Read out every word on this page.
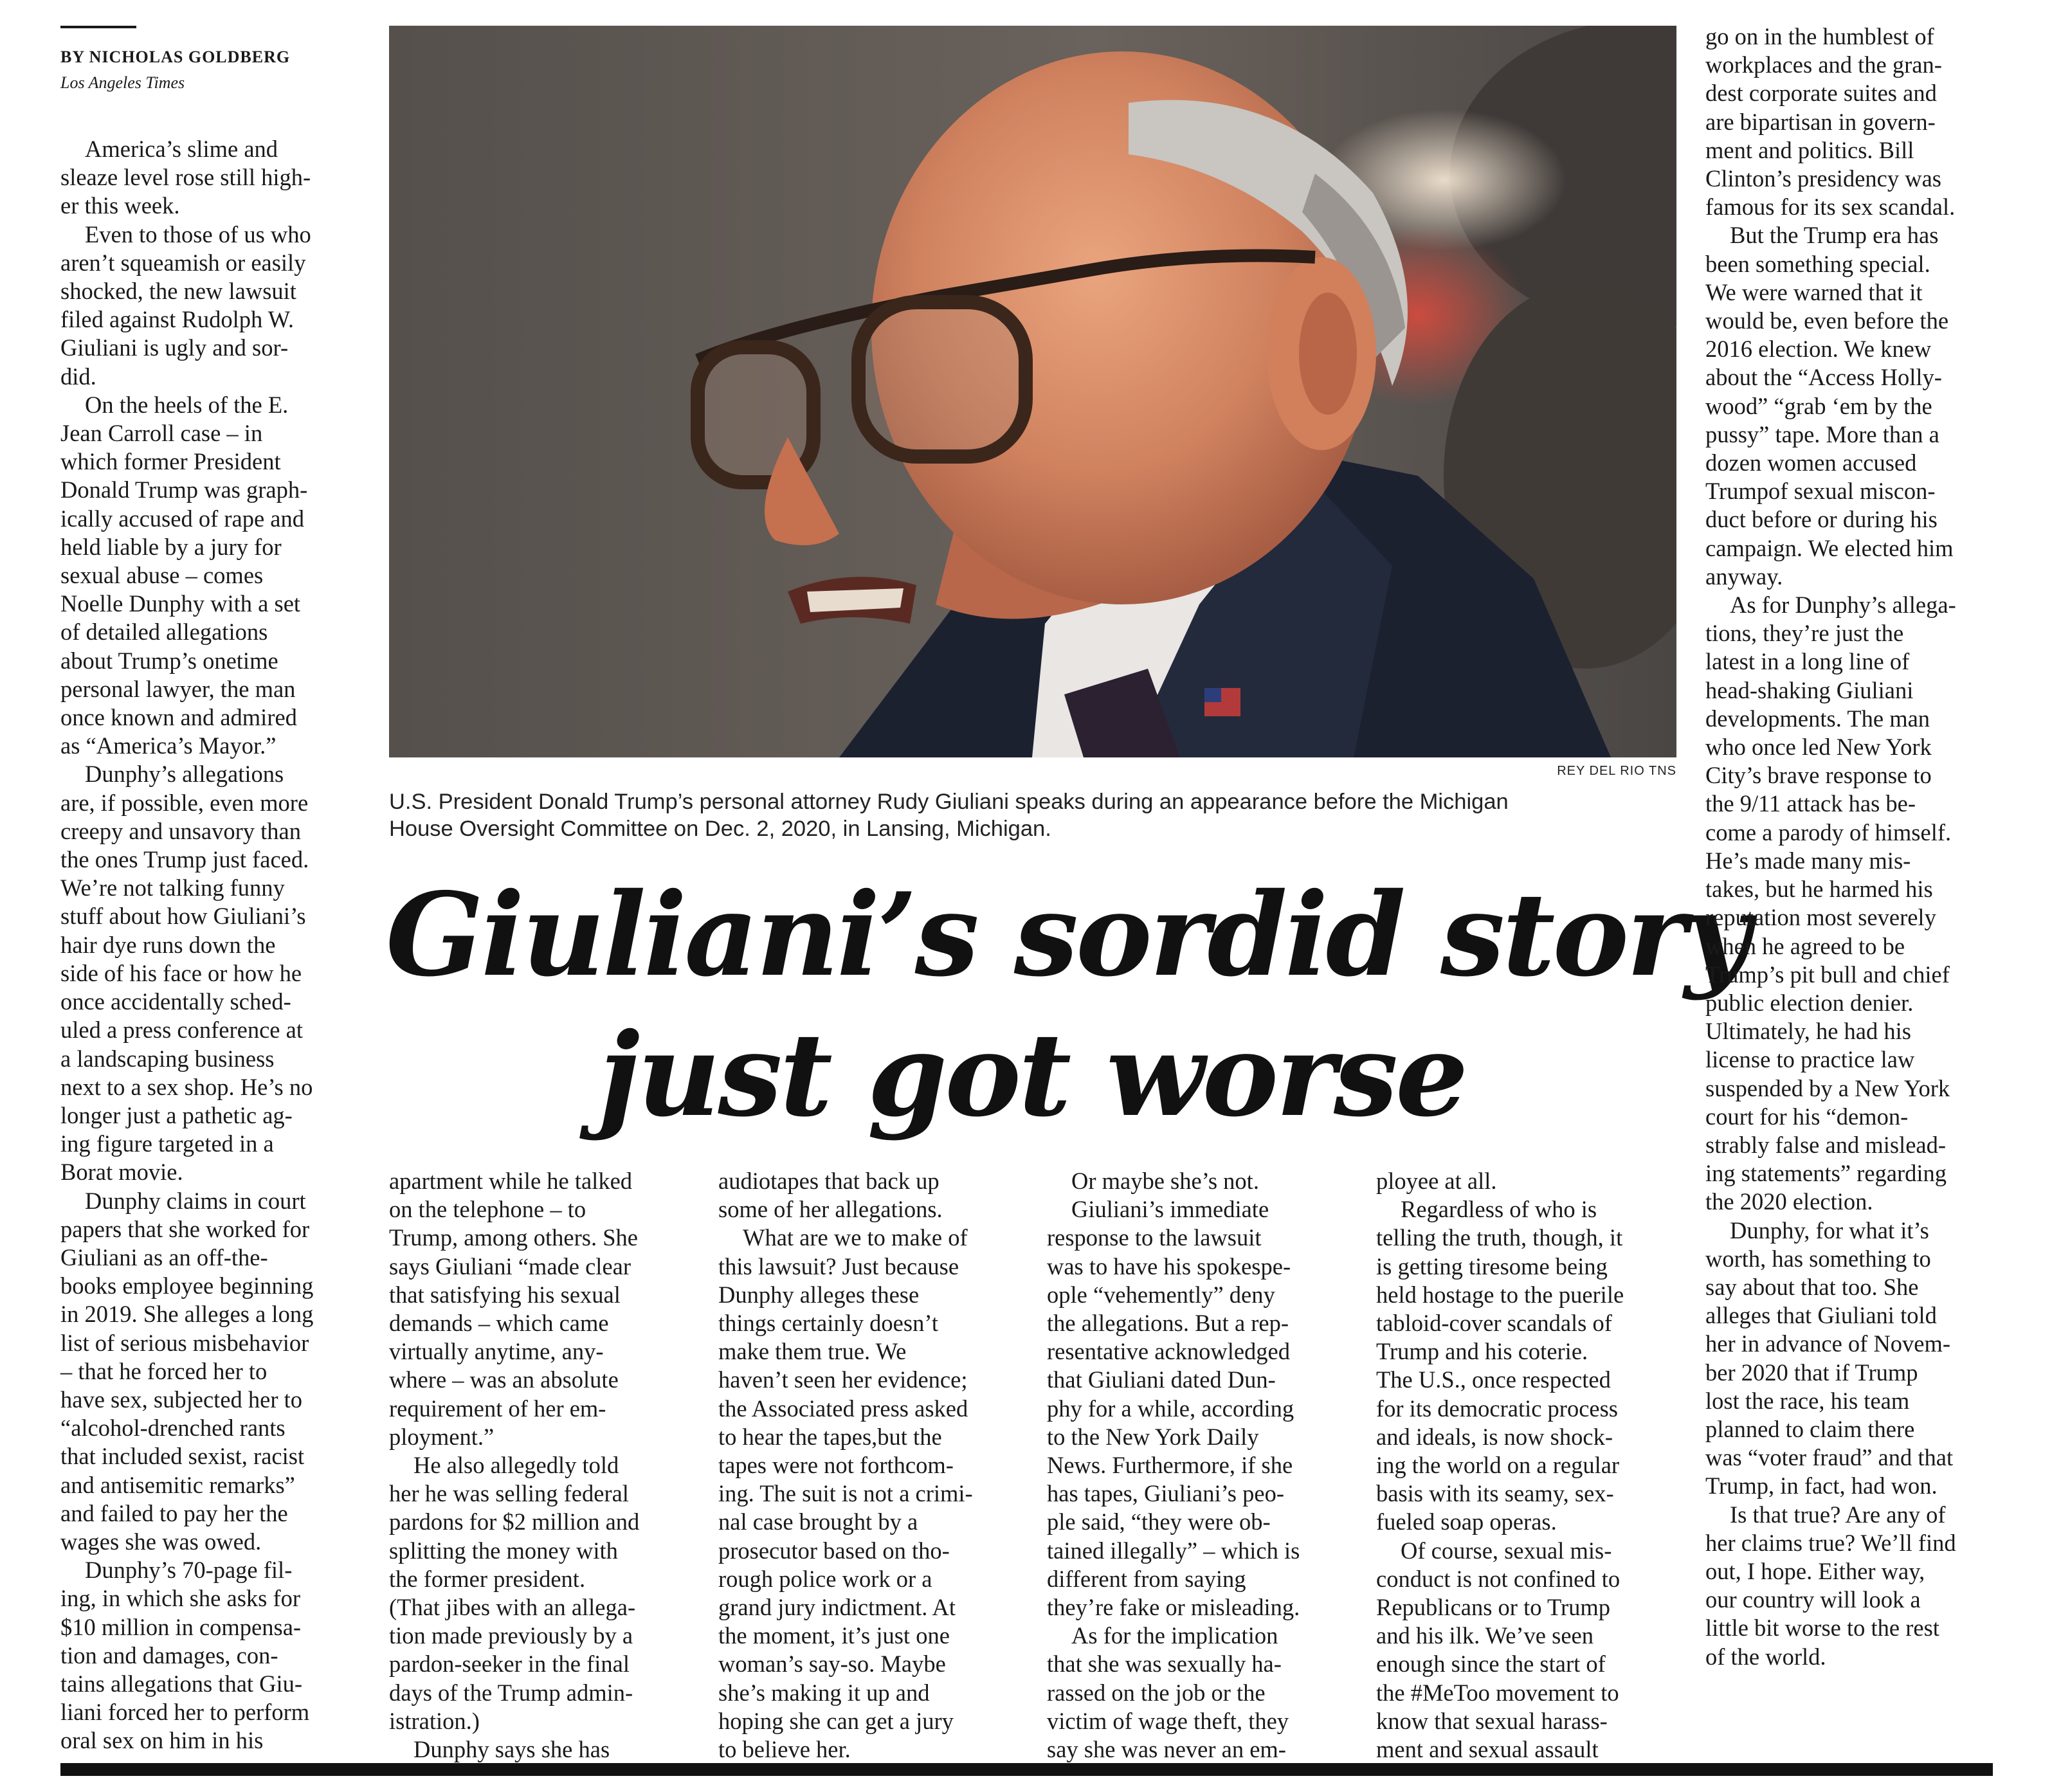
BY NICHOLAS GOLDBERG
Los Angeles Times
REY DEL RIO TNS
U.S. President Donald Trump’s personal attorney Rudy Giuliani speaks during an appearance before the Michigan
House Oversight Committee on Dec. 2, 2020, in Lansing, Michigan.
Giuliani’s sordid story
just got worse
America’s slime and
sleaze level rose still high-
er this week.
Even to those of us who
aren’t squeamish or easily
shocked, the new lawsuit
filed against Rudolph W.
Giuliani is ugly and sor-
did.
On the heels of the E.
Jean Carroll case – in
which former President
Donald Trump was graph-
ically accused of rape and
held liable by a jury for
sexual abuse – comes
Noelle Dunphy with a set
of detailed allegations
about Trump’s onetime
personal lawyer, the man
once known and admired
as “America’s Mayor.”
Dunphy’s allegations
are, if possible, even more
creepy and unsavory than
the ones Trump just faced.
We’re not talking funny
stuff about how Giuliani’s
hair dye runs down the
side of his face or how he
once accidentally sched-
uled a press conference at
a landscaping business
next to a sex shop. He’s no
longer just a pathetic ag-
ing figure targeted in a
Borat movie.
Dunphy claims in court
papers that she worked for
Giuliani as an off-the-
books employee beginning
in 2019. She alleges a long
list of serious misbehavior
– that he forced her to
have sex, subjected her to
“alcohol-drenched rants
that included sexist, racist
and antisemitic remarks”
and failed to pay her the
wages she was owed.
Dunphy’s 70-page fil-
ing, in which she asks for
$10 million in compensa-
tion and damages, con-
tains allegations that Giu-
liani forced her to perform
oral sex on him in his
apartment while he talked
on the telephone – to
Trump, among others. She
says Giuliani “made clear
that satisfying his sexual
demands – which came
virtually anytime, any-
where – was an absolute
requirement of her em-
ployment.”
He also allegedly told
her he was selling federal
pardons for $2 million and
splitting the money with
the former president.
(That jibes with an allega-
tion made previously by a
pardon-seeker in the final
days of the Trump admin-
istration.)
Dunphy says she has
audiotapes that back up
some of her allegations.
What are we to make of
this lawsuit? Just because
Dunphy alleges these
things certainly doesn’t
make them true. We
haven’t seen her evidence;
the Associated press asked
to hear the tapes,but the
tapes were not forthcom-
ing. The suit is not a crimi-
nal case brought by a
prosecutor based on tho-
rough police work or a
grand jury indictment. At
the moment, it’s just one
woman’s say-so. Maybe
she’s making it up and
hoping she can get a jury
to believe her.
Or maybe she’s not.
Giuliani’s immediate
response to the lawsuit
was to have his spokespe-
ople “vehemently” deny
the allegations. But a rep-
resentative acknowledged
that Giuliani dated Dun-
phy for a while, according
to the New York Daily
News. Furthermore, if she
has tapes, Giuliani’s peo-
ple said, “they were ob-
tained illegally” – which is
different from saying
they’re fake or misleading.
As for the implication
that she was sexually ha-
rassed on the job or the
victim of wage theft, they
say she was never an em-
ployee at all.
Regardless of who is
telling the truth, though, it
is getting tiresome being
held hostage to the puerile
tabloid-cover scandals of
Trump and his coterie.
The U.S., once respected
for its democratic process
and ideals, is now shock-
ing the world on a regular
basis with its seamy, sex-
fueled soap operas.
Of course, sexual mis-
conduct is not confined to
Republicans or to Trump
and his ilk. We’ve seen
enough since the start of
the #MeToo movement to
know that sexual harass-
ment and sexual assault
go on in the humblest of
workplaces and the gran-
dest corporate suites and
are bipartisan in govern-
ment and politics. Bill
Clinton’s presidency was
famous for its sex scandal.
But the Trump era has
been something special.
We were warned that it
would be, even before the
2016 election. We knew
about the “Access Holly-
wood” “grab ‘em by the
pussy” tape. More than a
dozen women accused
Trumpof sexual miscon-
duct before or during his
campaign. We elected him
anyway.
As for Dunphy’s allega-
tions, they’re just the
latest in a long line of
head-shaking Giuliani
developments. The man
who once led New York
City’s brave response to
the 9/11 attack has be-
come a parody of himself.
He’s made many mis-
takes, but he harmed his
reputation most severely
when he agreed to be
Trump’s pit bull and chief
public election denier.
Ultimately, he had his
license to practice law
suspended by a New York
court for his “demon-
strably false and mislead-
ing statements” regarding
the 2020 election.
Dunphy, for what it’s
worth, has something to
say about that too. She
alleges that Giuliani told
her in advance of Novem-
ber 2020 that if Trump
lost the race, his team
planned to claim there
was “voter fraud” and that
Trump, in fact, had won.
Is that true? Are any of
her claims true? We’ll find
out, I hope. Either way,
our country will look a
little bit worse to the rest
of the world.
